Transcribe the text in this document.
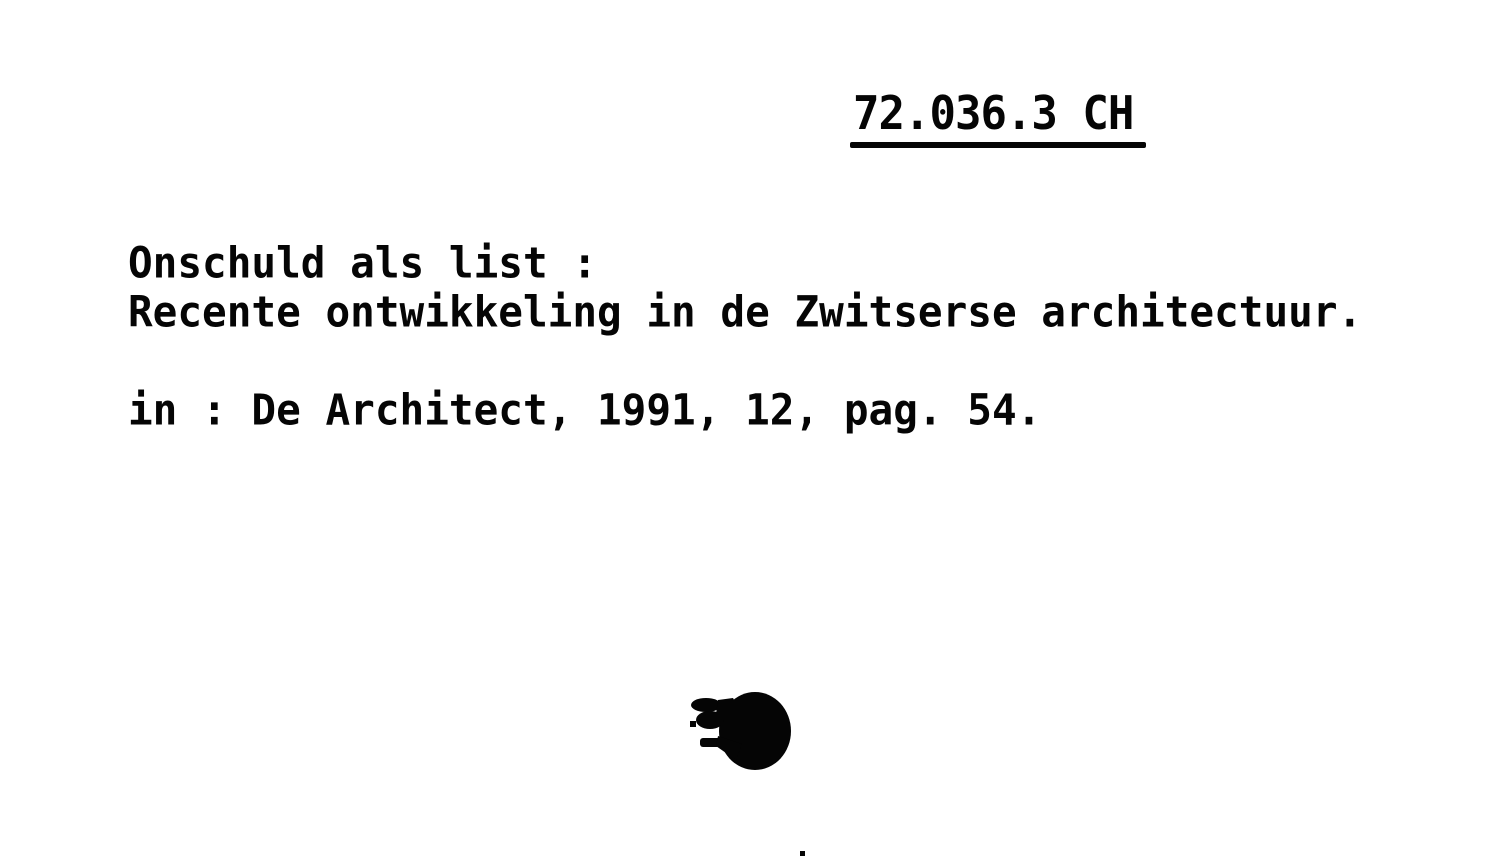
72.036.3 CH
Onschuld als list :
Recente ontwikkeling in de Zwitserse architectuur.
in : De Architect, 1991, 12, pag. 54.
